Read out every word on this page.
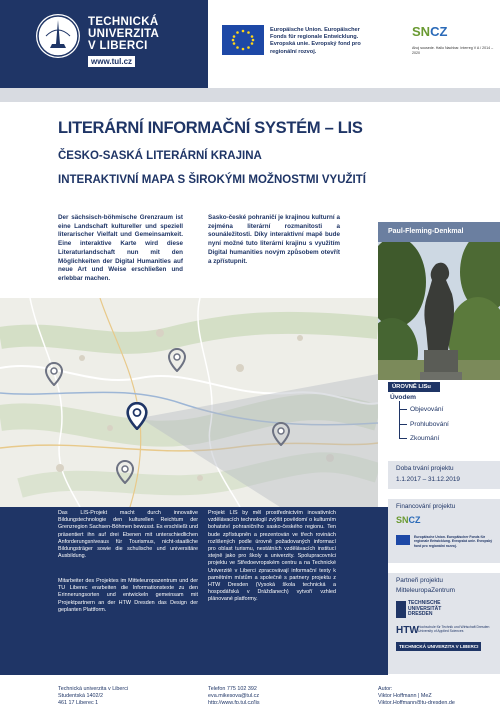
TECHNICKÁ
UNIVERZITA
V LIBERCI
www.tul.cz
Europäische Union. Europäischer
Fonds für regionale Entwicklung.
Evropská unie. Evropský fond pro
regionální rozvoj.
SNCZ
Ahoj sousede. Hallo Nachbar. Interreg V A / 2014 – 2020
LITERÁRNÍ INFORMAČNÍ SYSTÉM – LIS
ČESKO-SASKÁ LITERÁRNÍ KRAJINA
INTERAKTIVNÍ MAPA S ŠIROKÝMI MOŽNOSTMI VYUŽITÍ
Der sächsisch-böhmische Grenzraum ist eine Landschaft kultureller und speziell literarischer Vielfalt und Gemeinsamkeit. Eine interaktive Karte wird diese Literaturlandschaft nun mit den Möglichkeiten der Digital Humanities auf neue Art und Weise erschließen und erlebbar machen.
Sasko-české pohraničí je krajinou kulturní a zejména literární rozmanitosti a sounáležitosti. Díky interaktivní mapě bude nyní možné tuto literární krajinu s využitím Digital humanities novým způsobem otevřít a zpřístupnit.
Paul-Fleming-Denkmal
ÚROVNĚ LISu
Úvodem
Objevování
Prohlubování
Zkoumání
Doba trvání projektu
1.1.2017 – 31.12.2019
Financování projektu
SNCZ
Europäische Union. Europäischer Fonds für regionale Entwicklung. Evropská unie. Evropský fond pro regionální rozvoj.
Partneři projektu
MitteleuropaZentrum
TECHNISCHE
UNIVERSITÄT
DRESDEN
HTW Hochschule für Technik und Wirtschaft Dresden University of Applied Sciences
TECHNICKÁ UNIVERZITA V LIBERCI
Das LIS-Projekt macht durch innovative Bildungstechnologie den kulturellen Reichtum der Grenzregion Sachsen-Böhmen bewusst. Es erschließt und präsentiert ihn auf drei Ebenen mit unterschiedlichen Anforderungsniveaus für Tourismus, nicht-staatliche Bildungsträger sowie die schulische und universitäre Ausbildung.
Mitarbeiter des Projektes im Mitteleuropazentrum und der TU Liberec erarbeiten die Informationstexte zu den Erinnerungsorten und entwickeln gemeinsam mit Projektpartnern an der HTW Dresden das Design der geplanten Plattform.
Projekt LIS by měl prostřednictvím inovativních vzdělávacích technologií zvýšit povědomí o kulturním bohatství pohraničního sasko-českého regionu. Ten bude zpřístupněn a prezentován ve třech rovinách rozlišených podle úrovně požadovaných informací pro oblast turismu, nestátních vzdělávacích institucí stejně jako pro školy a univerzity. Spolupracovníci projektu ve Středoevropském centru a na Technické Univerzitě v Liberci zpracovávají informační texty k pamětním místům a společně s partnery projektu z HTW Dresden (Vysoká škola technická a hospodářská v Drážďanech) vytvoří vzhled plánované platformy.
Technická univerzita v Liberci
Studentská 1402/2
461 17 Liberec 1
Telefon 775 102 392
eva.mikesova@tul.cz
http://www.fp.tul.cz/lis
Autor:
Viktor Hoffmann | MeZ
Viktor.Hoffmann@tu-dresden.de
